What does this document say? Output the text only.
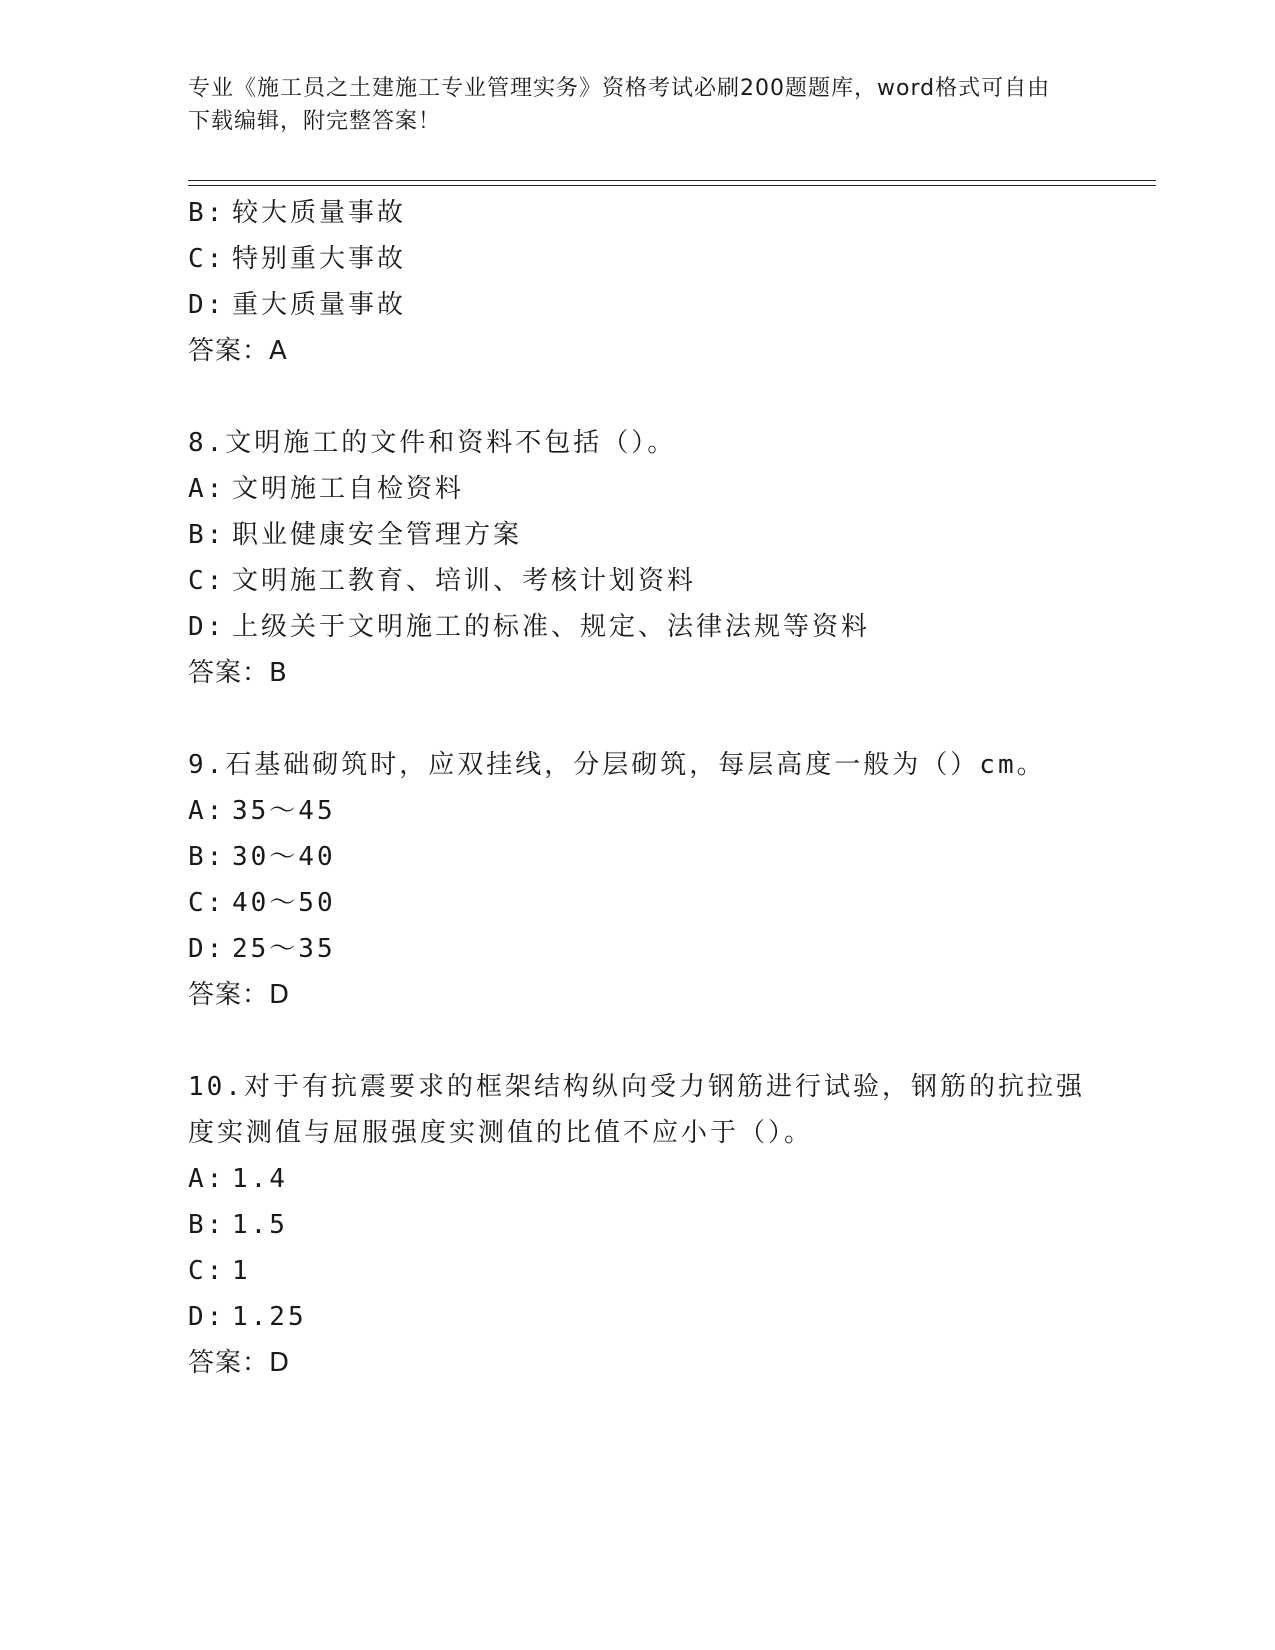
专业《施工员之土建施工专业管理实务》资格考试必刷200题题库，word格式可自由下载编辑，附完整答案！
B: 较大质量事故
C: 特别重大事故
D: 重大质量事故
答案：A
8.文明施工的文件和资料不包括（）。
A: 文明施工自检资料
B: 职业健康安全管理方案
C: 文明施工教育、培训、考核计划资料
D: 上级关于文明施工的标准、规定、法律法规等资料
答案：B
9.石基础砌筑时，应双挂线，分层砌筑，每层高度一般为（）cm。
A: 35～45
B: 30～40
C: 40～50
D: 25～35
答案：D
10.对于有抗震要求的框架结构纵向受力钢筋进行试验，钢筋的抗拉强度实测值与屈服强度实测值的比值不应小于（）。
A: 1.4
B: 1.5
C: 1
D: 1.25
答案：D
